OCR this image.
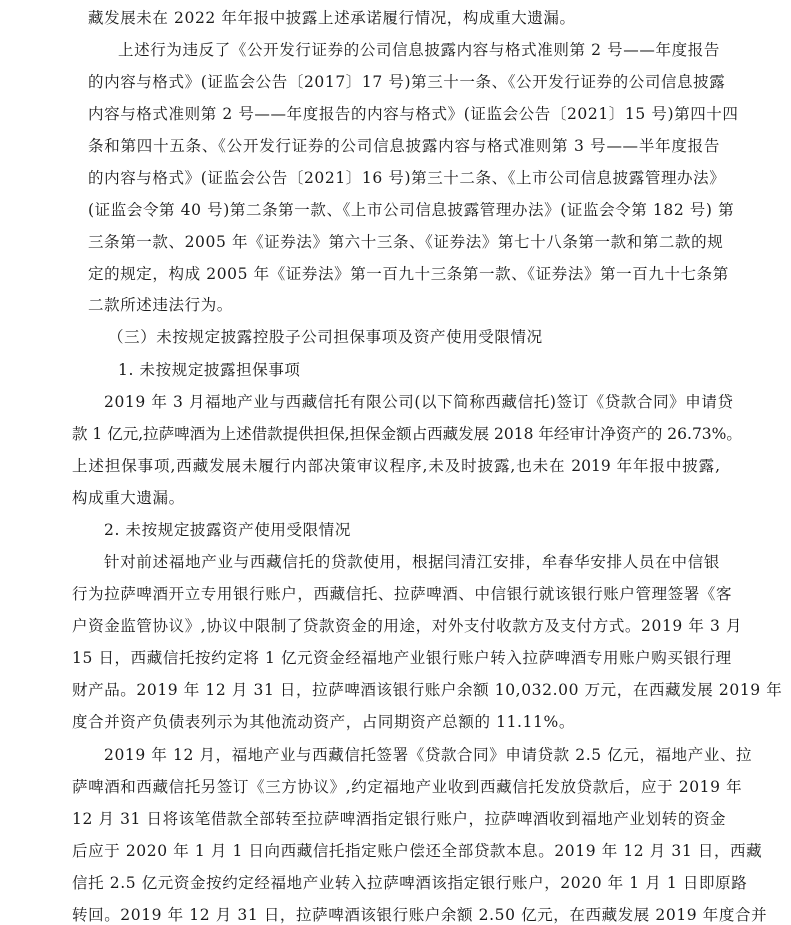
藏发展未在 2022 年年报中披露上述承诺履行情况，构成重大遗漏。
上述行为违反了《公开发行证券的公司信息披露内容与格式准则第 2 号——年度报告
的内容与格式》(证监会公告〔2017〕17 号)第三十一条、《公开发行证券的公司信息披露
内容与格式准则第 2 号——年度报告的内容与格式》(证监会公告〔2021〕15 号)第四十四
条和第四十五条、《公开发行证券的公司信息披露内容与格式准则第 3 号——半年度报告
的内容与格式》(证监会公告〔2021〕16 号)第三十二条、《上市公司信息披露管理办法》
(证监会令第 40 号)第二条第一款、《上市公司信息披露管理办法》(证监会令第 182 号) 第
三条第一款、2005 年《证券法》第六十三条、《证券法》第七十八条第一款和第二款的规
定的规定，构成 2005 年《证券法》第一百九十三条第一款、《证券法》第一百九十七条第
二款所述违法行为。
（三）未按规定披露控股子公司担保事项及资产使用受限情况
1. 未按规定披露担保事项
2019 年 3 月福地产业与西藏信托有限公司(以下简称西藏信托)签订《贷款合同》申请贷
款 1 亿元,拉萨啤酒为上述借款提供担保,担保金额占西藏发展 2018 年经审计净资产的 26.73%。
上述担保事项,西藏发展未履行内部决策审议程序,未及时披露,也未在 2019 年年报中披露,
构成重大遗漏。
2. 未按规定披露资产使用受限情况
针对前述福地产业与西藏信托的贷款使用，根据闫清江安排，牟春华安排人员在中信银
行为拉萨啤酒开立专用银行账户，西藏信托、拉萨啤酒、中信银行就该银行账户管理签署《客
户资金监管协议》,协议中限制了贷款资金的用途，对外支付收款方及支付方式。2019 年 3 月
15 日，西藏信托按约定将 1 亿元资金经福地产业银行账户转入拉萨啤酒专用账户购买银行理
财产品。2019 年 12 月 31 日，拉萨啤酒该银行账户余额 10,032.00 万元，在西藏发展 2019 年
度合并资产负债表列示为其他流动资产，占同期资产总额的 11.11%。
2019 年 12 月，福地产业与西藏信托签署《贷款合同》申请贷款 2.5 亿元，福地产业、拉
萨啤酒和西藏信托另签订《三方协议》,约定福地产业收到西藏信托发放贷款后，应于 2019 年
12 月 31 日将该笔借款全部转至拉萨啤酒指定银行账户，拉萨啤酒收到福地产业划转的资金
后应于 2020 年 1 月 1 日向西藏信托指定账户偿还全部贷款本息。2019 年 12 月 31 日，西藏
信托 2.5 亿元资金按约定经福地产业转入拉萨啤酒该指定银行账户，2020 年 1 月 1 日即原路
转回。2019 年 12 月 31 日，拉萨啤酒该银行账户余额 2.50 亿元，在西藏发展 2019 年度合并
